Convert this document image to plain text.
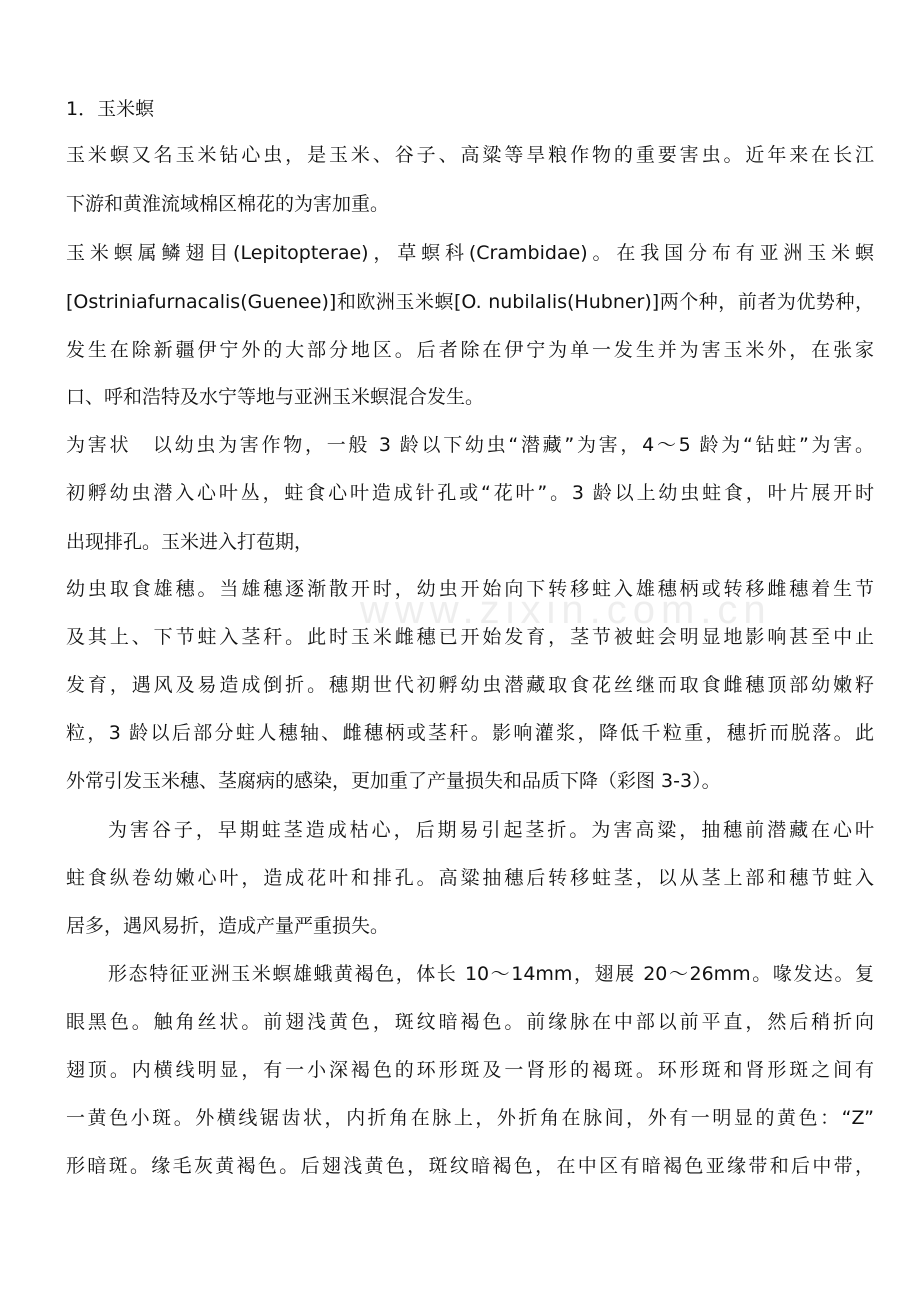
www.zixin.com.cn
1．玉米螟
玉米螟又名玉米钻心虫，是玉米、谷子、高粱等旱粮作物的重要害虫。近年来在长江
下游和黄淮流域棉区棉花的为害加重。
玉米螟属鳞翅目(Lepitopterae)，草螟科(Crambidae)。在我国分布有亚洲玉米螟
[Ostriniafurnacalis(Guenee)]和欧洲玉米螟[O. nubilalis(Hubner)]两个种，前者为优势种，
发生在除新疆伊宁外的大部分地区。后者除在伊宁为单一发生并为害玉米外，在张家
口、呼和浩特及水宁等地与亚洲玉米螟混合发生。
为害状　以幼虫为害作物，一般 3 龄以下幼虫“潜藏”为害，4～5 龄为“钻蛀”为害。
初孵幼虫潜入心叶丛，蛀食心叶造成针孔或“花叶”。3 龄以上幼虫蛀食，叶片展开时
出现排孔。玉米进入打苞期，
幼虫取食雄穗。当雄穗逐渐散开时，幼虫开始向下转移蛀入雄穗柄或转移雌穗着生节
及其上、下节蛀入茎秆。此时玉米雌穗已开始发育，茎节被蛀会明显地影响甚至中止
发育，遇风及易造成倒折。穗期世代初孵幼虫潜藏取食花丝继而取食雌穗顶部幼嫩籽
粒，3 龄以后部分蛀人穗轴、雌穗柄或茎秆。影响灌浆，降低千粒重，穗折而脱落。此
外常引发玉米穗、茎腐病的感染，更加重了产量损失和品质下降（彩图 3-3）。
为害谷子，早期蛀茎造成枯心，后期易引起茎折。为害高粱，抽穗前潜藏在心叶
蛀食纵卷幼嫩心叶，造成花叶和排孔。高粱抽穗后转移蛀茎，以从茎上部和穗节蛀入
居多，遇风易折，造成产量严重损失。
形态特征亚洲玉米螟雄蛾黄褐色，体长 10～14mm，翅展 20～26mm。喙发达。复
眼黑色。触角丝状。前翅浅黄色，斑纹暗褐色。前缘脉在中部以前平直，然后稍折向
翅顶。内横线明显，有一小深褐色的环形斑及一肾形的褐斑。环形斑和肾形斑之间有
一黄色小斑。外横线锯齿状，内折角在脉上，外折角在脉间，外有一明显的黄色：“Z”
形暗斑。缘毛灰黄褐色。后翅浅黄色，斑纹暗褐色，在中区有暗褐色亚缘带和后中带，
